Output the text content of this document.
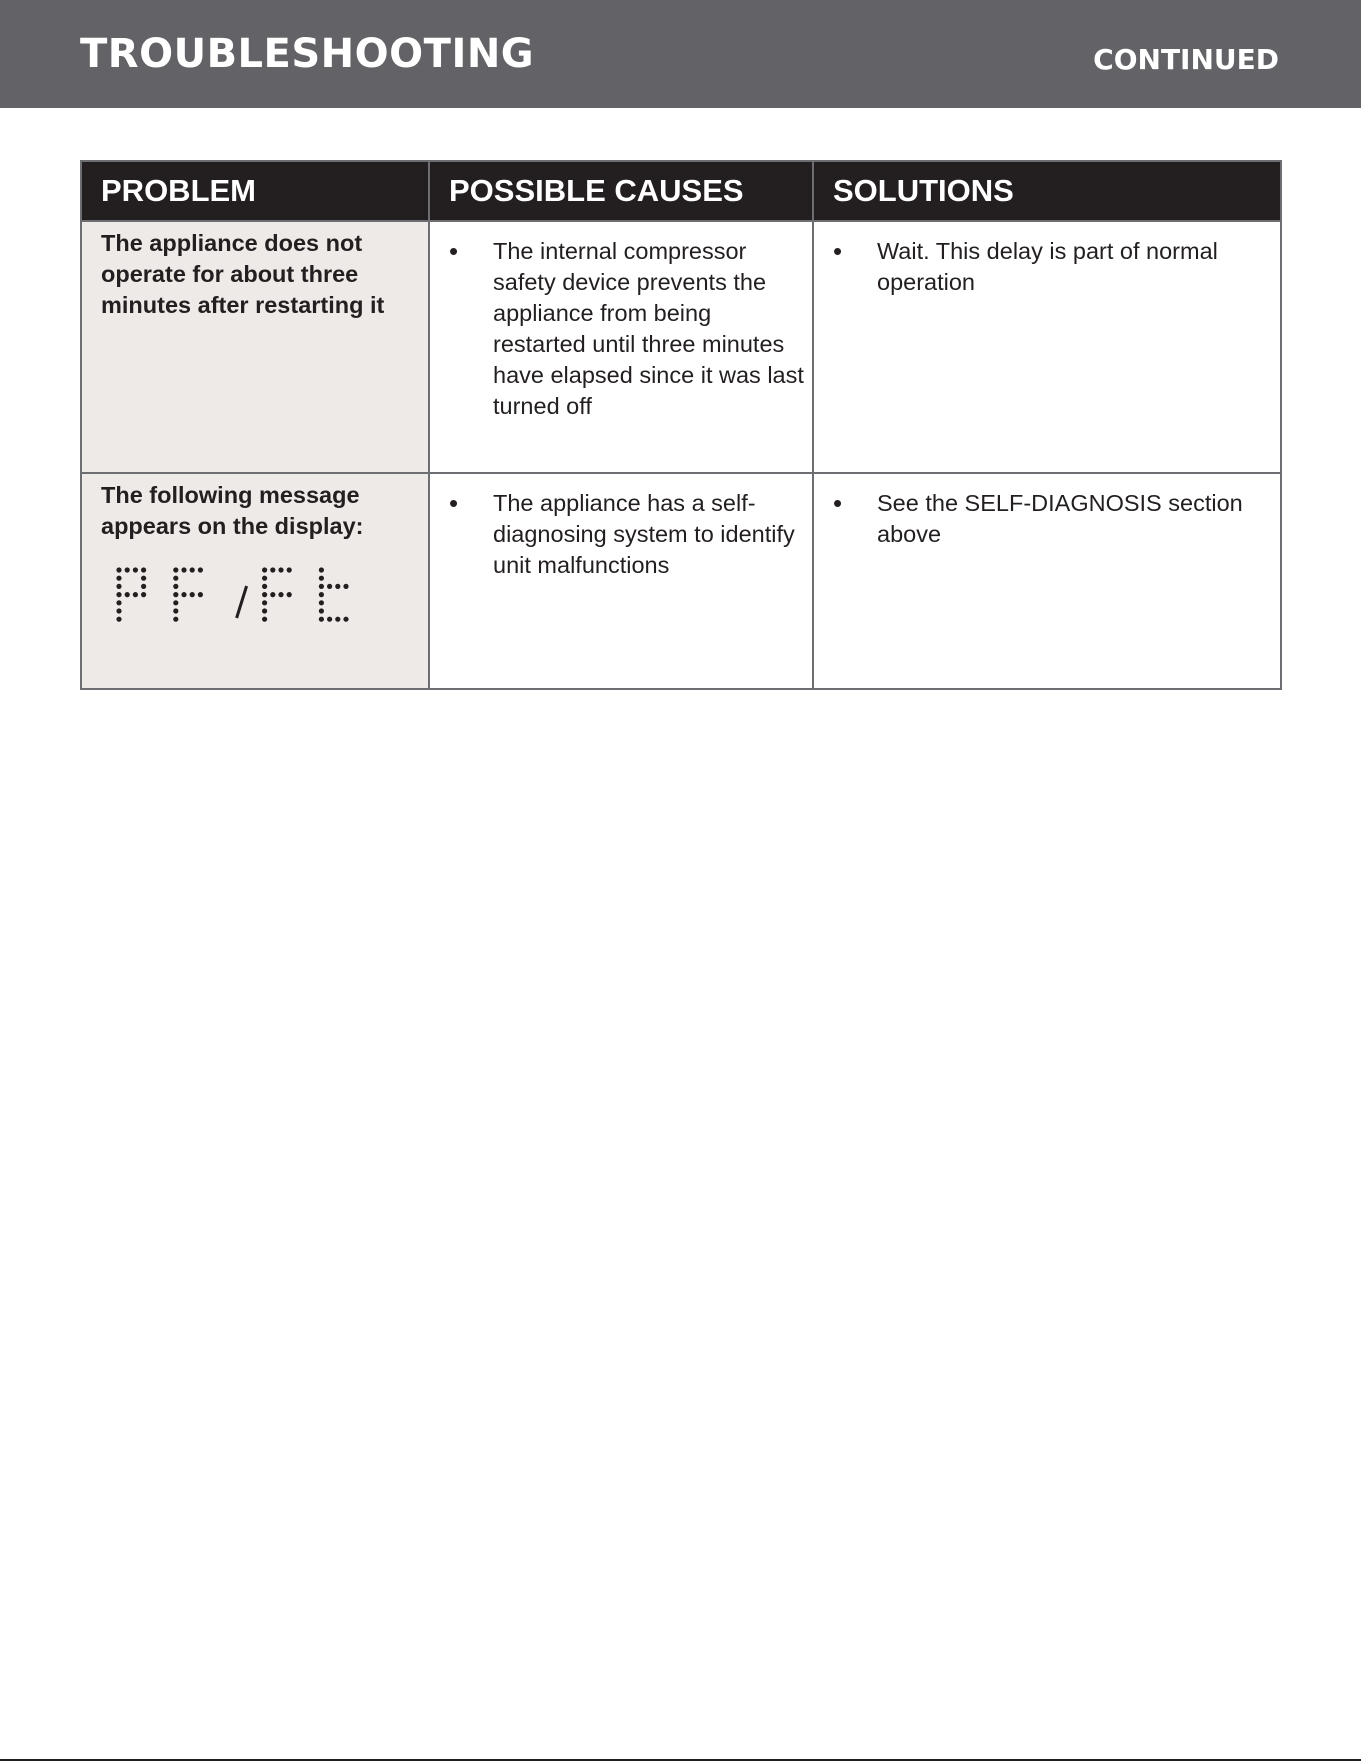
TROUBLESHOOTING	CONTINUED
PROBLEM	POSSIBLE CAUSES	SOLUTIONS
The appliance does not operate for about three minutes after restarting it	• The internal compressor safety device prevents the appliance from being restarted until three minutes have elapsed since it was last turned off	• Wait. This delay is part of normal operation

The following message appears on the display:	• The appliance has a self-diagnosing system to identify unit malfunctions	• See the SELF-DIAGNOSIS section above
